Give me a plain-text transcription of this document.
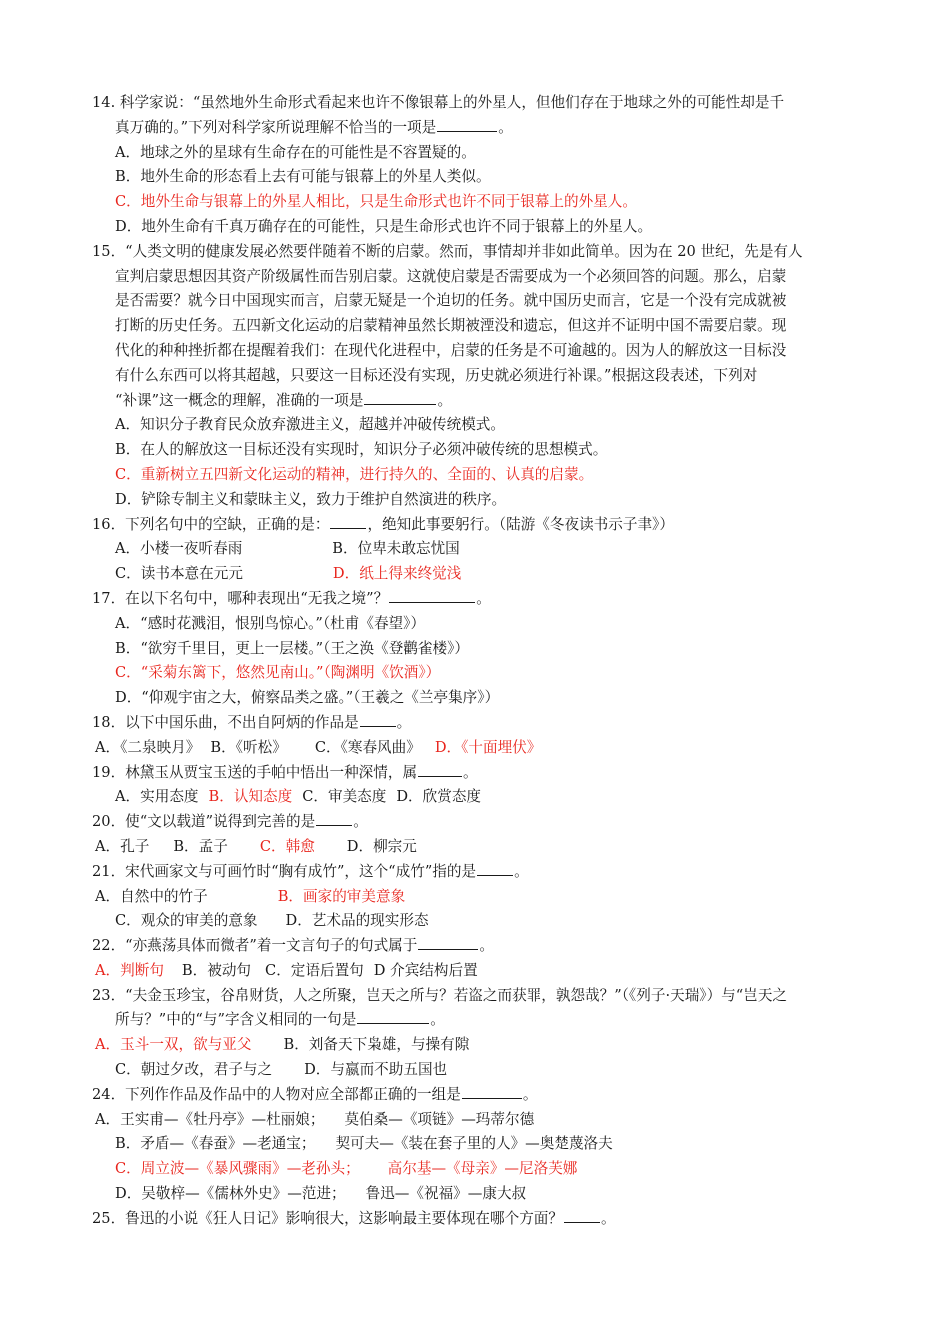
14. 科学家说：“虽然地外生命形式看起来也许不像银幕上的外星人，但他们存在于地球之外的可能性却是千
真万确的。”下列对科学家所说理解不恰当的一项是	。
A．地球之外的星球有生命存在的可能性是不容置疑的。
B．地外生命的形态看上去有可能与银幕上的外星人类似。
C．地外生命与银幕上的外星人相比，只是生命形式也许不同于银幕上的外星人。
D．地外生命有千真万确存在的可能性，只是生命形式也许不同于银幕上的外星人。
15．“人类文明的健康发展必然要伴随着不断的启蒙。然而，事情却并非如此简单。因为在 20 世纪，先是有人
宣判启蒙思想因其资产阶级属性而告别启蒙。这就使启蒙是否需要成为一个必须回答的问题。那么，启蒙
是否需要？就今日中国现实而言，启蒙无疑是一个迫切的任务。就中国历史而言，它是一个没有完成就被
打断的历史任务。五四新文化运动的启蒙精神虽然长期被湮没和遗忘，但这并不证明中国不需要启蒙。现
代化的种种挫折都在提醒着我们：在现代化进程中，启蒙的任务是不可逾越的。因为人的解放这一目标没
有什么东西可以将其超越，只要这一目标还没有实现，历史就必须进行补课。”根据这段表述，下列对
“补课”这一概念的理解，准确的一项是	。
A．知识分子教育民众放弃激进主义，超越并冲破传统模式。
B．在人的解放这一目标还没有实现时，知识分子必须冲破传统的思想模式。
C．重新树立五四新文化运动的精神，进行持久的、全面的、认真的启蒙。
D．铲除专制主义和蒙昧主义，致力于维护自然演进的秩序。
16．下列名句中的空缺，正确的是：	，绝知此事要躬行。（陆游《冬夜读书示子聿》）
A．小楼一夜听春雨	B．位卑未敢忘忧国
C．读书本意在元元	D．纸上得来终觉浅
17．在以下名句中，哪种表现出“无我之境”？	。
A．“感时花溅泪，恨别鸟惊心。”（杜甫《春望》）
B．“欲穷千里目，更上一层楼。”（王之涣《登鹳雀楼》）
C．“采菊东篱下，悠然见南山。”（陶渊明《饮酒》）
D．“仰观宇宙之大，俯察品类之盛。”（王羲之《兰亭集序》）
18．以下中国乐曲，不出自阿炳的作品是	。
A．《二泉映月》 B．《听松》 C．《寒春风曲》 D．《十面埋伏》
19．林黛玉从贾宝玉送的手帕中悟出一种深情，属	。
A．实用态度 B．认知态度 C．审美态度 D．欣赏态度
20．使“文以载道”说得到完善的是	。
A．孔子 B．孟子 C．韩愈 D．柳宗元
21．宋代画家文与可画竹时“胸有成竹”，这个“成竹”指的是	。
A．自然中的竹子	B．画家的审美意象
C．观众的审美的意象 D．艺术品的现实形态
22．“亦燕荡具体而微者”着一文言句子的句式属于	。
A．判断句 B．被动句 C．定语后置句 D 介宾结构后置
23．“夫金玉珍宝，谷帛财货，人之所聚，岂天之所与？若盗之而获罪，孰怨哉？”（《列子·天瑞》）与“岂天之
所与？”中的“与”字含义相同的一句是	。
A．玉斗一双，欲与亚父 B．刘备天下枭雄，与操有隙
C．朝过夕改，君子与之 D．与嬴而不助五国也
24．下列作作品及作品中的人物对应全部都正确的一组是	。
A．王实甫—《牡丹亭》—杜丽娘； 莫伯桑—《项链》—玛蒂尔德
B．矛盾—《春蚕》—老通宝； 契可夫—《装在套子里的人》—奥楚蔑洛夫
C．周立波—《暴风骤雨》—老孙头； 高尔基—《母亲》—尼洛芙娜
D．吴敬梓—《儒林外史》—范进； 鲁迅—《祝福》—康大叔
25．鲁迅的小说《狂人日记》影响很大，这影响最主要体现在哪个方面？	。
